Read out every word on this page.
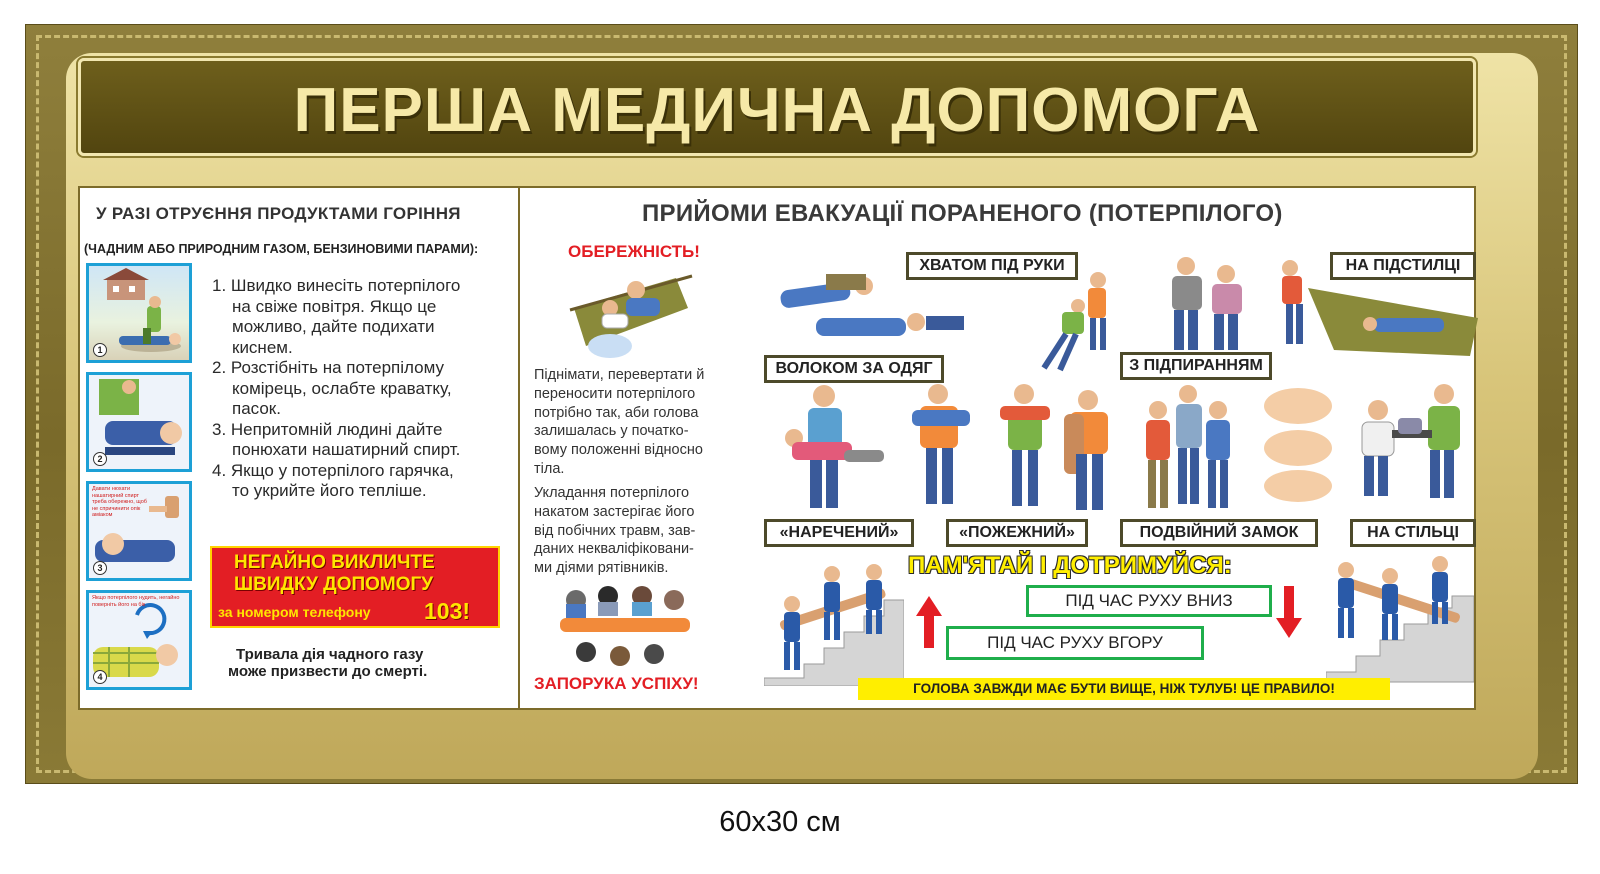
ПЕРША МЕДИЧНА ДОПОМОГА
У РАЗІ ОТРУЄННЯ ПРОДУКТАМИ ГОРІННЯ
(ЧАДНИМ АБО ПРИРОДНИМ ГАЗОМ, БЕНЗИНОВИМИ ПАРАМИ):
1
2
Давати нюхати нашатирний спирт треба обережно, щоб не спричинити опік аміаком
3
Якщо потерпілого нудить, негайно поверніть його на бік
4
1. Швидко винесіть потерпілого
на свіже повітря. Якщо це
можливо, дайте подихати
киснем.
2. Розстібніть на потерпілому
комірець, ослабте краватку,
пасок.
3. Непритомній людині дайте
понюхати нашатирний спирт.
4. Якщо у потерпілого гарячка,
то укрийте його тепліше.
НЕГАЙНО ВИКЛИЧТЕ
ШВИДКУ ДОПОМОГУ
за номером телефону 103!
Тривала дія чадного газу
може призвести до смерті.
ПРИЙОМИ ЕВАКУАЦІЇ ПОРАНЕНОГО (ПОТЕРПІЛОГО)
ОБЕРЕЖНІСТЬ!
Піднімати, перевертати й
переносити потерпілого
потрібно так, аби голова
залишалась у початко-
вому положенні відносно
тіла.
Укладання потерпілого
накатом застерігає його
від побічних травм, зав-
даних некваліфіковани-
ми діями рятівників.
ЗАПОРУКА УСПІХУ!
ХВАТОМ ПІД РУКИ	НА ПІДСТИЛЦІ
ВОЛОКОМ ЗА ОДЯГ	З ПІДПИРАННЯМ
«НАРЕЧЕНИЙ»	«ПОЖЕЖНИЙ»	ПОДВІЙНИЙ ЗАМОК	НА СТІЛЬЦІ
ПАМ'ЯТАЙ І ДОТРИМУЙСЯ:
ПІД ЧАС РУХУ ВНИЗ
ПІД ЧАС РУХУ ВГОРУ
ГОЛОВА ЗАВЖДИ МАЄ БУТИ ВИЩЕ, НІЖ ТУЛУБ! ЦЕ ПРАВИЛО!
60х30 см
